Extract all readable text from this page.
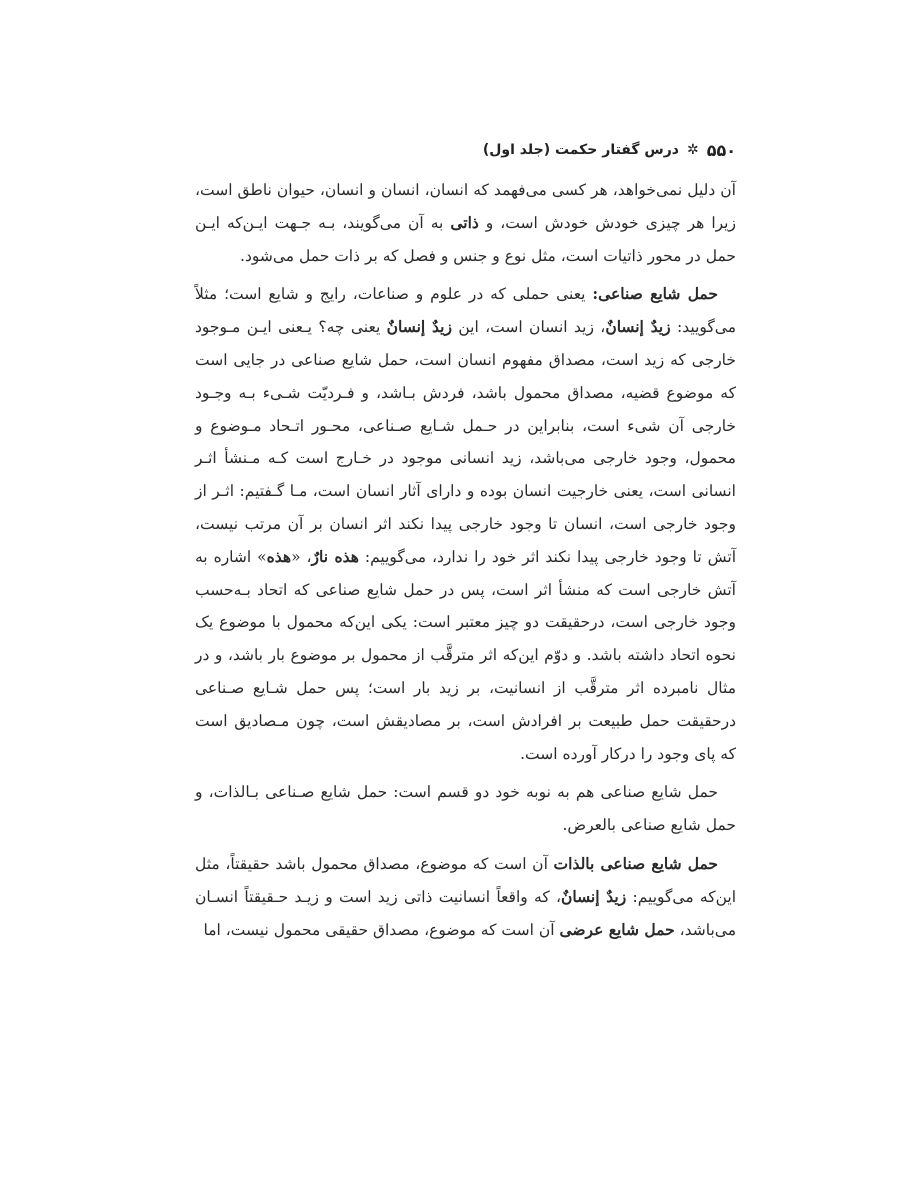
۵۵۰
✲
درس گفتار حکمت (جلد اول)

آن دلیل نمی‌خواهد، هر کسی می‌فهمد که انسان، انسان و انسان، حیوان ناطق است، زیرا هر چیزی خودش خودش است، و ذاتی به آن می‌گویند، بـه جـهت ایـن‌که ایـن حمل در محور ذاتیات است، مثل نوع و جنس و فصل که بر ذات حمل می‌شود.

حمل شایع صناعی: یعنی حملی که در علوم و صناعات، رایج و شایع است؛ مثلاً می‌گویید: زیدٌ إنسانٌ، زید انسان است، این زیدٌ إنسانٌ یعنی چه؟ یـعنی ایـن مـوجود خارجی که زید است، مصداق مفهوم انسان است، حمل شایع صناعی در جایی است که موضوع قضیه، مصداق محمول باشد، فردش بـاشد، و فـردیّت شـیء بـه وجـود خارجی آن شیء است، بنابراین در حـمل شـایع صـناعی، محـور اتـحاد مـوضوع و محمول، وجود خارجی می‌باشد، زید انسانی موجود در خـارج است کـه مـنشأ اثـر انسانی است، یعنی خارجیت انسان بوده و دارای آثار انسان است، مـا گـفتیم: اثـر از وجود خارجی است، انسان تا وجود خارجی پیدا نکند اثر انسان بر آن مرتب نیست، آتش تا وجود خارجی پیدا نکند اثر خود را ندارد، می‌گوییم: هذه نارٌ، «هذه» اشاره به آتش خارجی است که منشأ اثر است، پس در حمل شایع صناعی که اتحاد بـه‌حسب وجود خارجی است، درحقیقت دو چیز معتبر است: یکی این‌که محمول با موضوع یک نحوه اتحاد داشته باشد. و دوّم این‌که اثر مترقَّب از محمول بر موضوع بار باشد، و در مثال نامبرده اثر مترقَّب از انسانیت، بر زید بار است؛ پس حمل شـایع صـناعی درحقیقت حمل طبیعت بر افرادش است، بر مصادیقش است، چون مـصادیق است که پای وجود را درکار آورده است.

حمل شایع صناعی هم به نوبه خود دو قسم است: حمل شایع صـناعی بـالذات، و حمل شایع صناعی بالعرض.

حمل شایع صناعی بالذات آن است که موضوع، مصداق محمول باشد حقیقتاً، مثل این‌که می‌گوییم: زیدٌ إنسانٌ، که واقعاً انسانیت ذاتی زید است و زیـد حـقیقتاً انسـان می‌باشد، حمل شایع عرضی آن است که موضوع، مصداق حقیقی محمول نیست، اما
